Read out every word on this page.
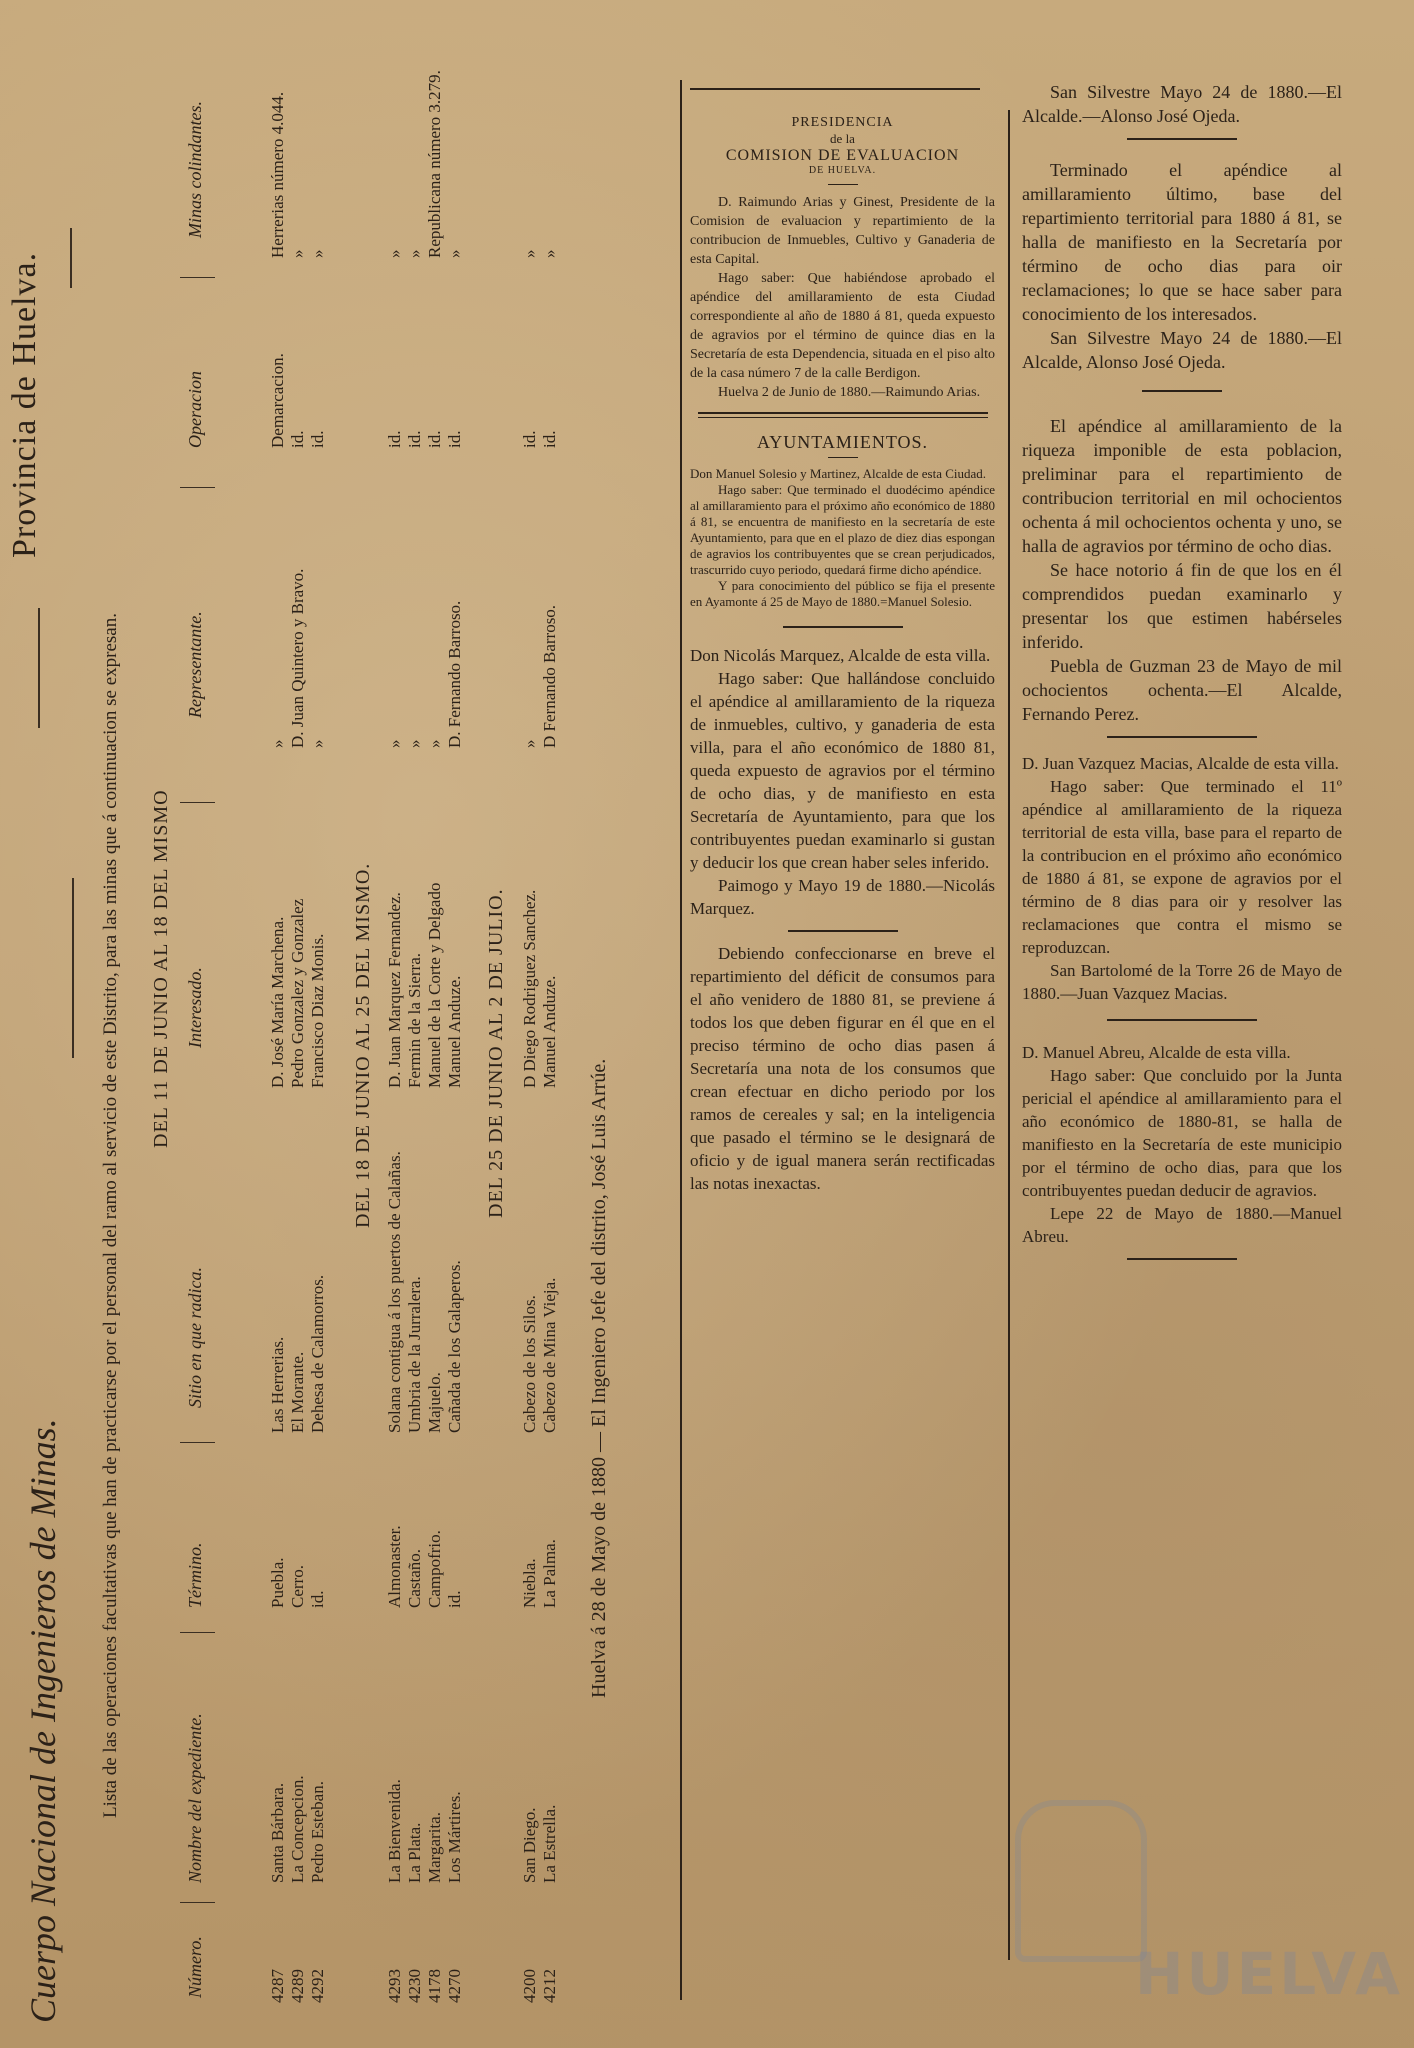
Cuerpo Nacional de Ingenieros de Minas.
Provincia de Huelva.
Lista de las operaciones facultativas que han de practicarse por el personal del ramo al servicio de este Distrito, para las minas que á continuacion se expresan.
Número.
Nombre del expediente.
Término.
Sitio en que radica.
Interesado.
Representante.
Operacion
Minas colindantes.
DEL 11 DE JUNIO AL 18 DEL MISMO
4287 4289 4292
Santa Bárbara. La Concepcion. Pedro Esteban.
Puebla. Cerro. id.
Las Herrerias. El Morante. Dehesa de Calamorros.
D. José María Marchena. Pedro Gonzalez y Gonzalez Francisco Diaz Monis.
» D. Juan Quintero y Bravo. »
Demarcacion. id. id.
Herrerias número 4.044. » »
DEL 18 DE JUNIO AL 25 DEL MISMO.
4293 4230 4178 4270
La Bienvenida. La Plata. Margarita. Los Mártires.
Almonaster. Castaño. Campofrio. id.
Solana contigua á los puertos de Calañas. Umbria de la Jurralera. Majuelo. Cañada de los Galaperos.
D. Juan Marquez Fernandez. Fermin de la Sierra. Manuel de la Corte y Delgado Manuel Anduze.
» » » D. Fernando Barroso.
id. id. id. id.
» » Republicana número 3.279. »
DEL 25 DE JUNIO AL 2 DE JULIO.
4200 4212
San Diego. La Estrella.
Niebla. La Palma.
Cabezo de los Silos. Cabezo de Mina Vieja.
D Diego Rodriguez Sanchez. Manuel Anduze.
» D Fernando Barroso.
id. id.
» »
Huelva á 28 de Mayo de 1880 — El Ingeniero Jefe del distrito, José Luis Arrúe.
PRESIDENCIA
de la
COMISION DE EVALUACION
DE HUELVA.

D. Raimundo Arias y Ginest, Presidente de la Comision de evaluacion y repartimiento de la contribucion de Inmuebles, Cultivo y Ganaderia de esta Capital.

Hago saber: Que habiéndose aprobado el apéndice del amillaramiento de esta Ciudad correspondiente al año de 1880 á 81, queda expuesto de agravios por el término de quince dias en la Secretaría de esta Dependencia, situada en el piso alto de la casa número 7 de la calle Berdigon.

Huelva 2 de Junio de 1880.—Raimundo Arias.

AYUNTAMIENTOS.

Don Manuel Solesio y Martinez, Alcalde de esta Ciudad.

Hago saber: Que terminado el duodécimo apéndice al amillaramiento para el próximo año económico de 1880 á 81, se encuentra de manifiesto en la secretaría de este Ayuntamiento, para que en el plazo de diez dias espongan de agravios los contribuyentes que se crean perjudicados, trascurrido cuyo periodo, quedará firme dicho apéndice.

Y para conocimiento del público se fija el presente en Ayamonte á 25 de Mayo de 1880.=Manuel Solesio.

Don Nicolás Marquez, Alcalde de esta villa.

Hago saber: Que hallándose concluido el apéndice al amillaramiento de la riqueza de inmuebles, cultivo, y ganaderia de esta villa, para el año económico de 1880 81, queda expuesto de agravios por el término de ocho dias, y de manifiesto en esta Secretaría de Ayuntamiento, para que los contribuyentes puedan examinarlo si gustan y deducir los que crean haber seles inferido.

Paimogo y Mayo 19 de 1880.—Nicolás Marquez.

Debiendo confeccionarse en breve el repartimiento del déficit de consumos para el año venidero de 1880 81, se previene á todos los que deben figurar en él que en el preciso término de ocho dias pasen á Secretaría una nota de los consumos que crean efectuar en dicho periodo por los ramos de cereales y sal; en la inteligencia que pasado el término se le designará de oficio y de igual manera serán rectificadas las notas inexactas.

San Silvestre Mayo 24 de 1880.—El Alcalde.—Alonso José Ojeda.

Terminado el apéndice al amillaramiento último, base del repartimiento territorial para 1880 á 81, se halla de manifiesto en la Secretaría por término de ocho dias para oir reclamaciones; lo que se hace saber para conocimiento de los interesados.

San Silvestre Mayo 24 de 1880.—El Alcalde, Alonso José Ojeda.

El apéndice al amillaramiento de la riqueza imponible de esta poblacion, preliminar para el repartimiento de contribucion territorial en mil ochocientos ochenta á mil ochocientos ochenta y uno, se halla de agravios por término de ocho dias.

Se hace notorio á fin de que los en él comprendidos puedan examinarlo y presentar los que estimen habérseles inferido.

Puebla de Guzman 23 de Mayo de mil ochocientos ochenta.—El Alcalde, Fernando Perez.

D. Juan Vazquez Macias, Alcalde de esta villa.

Hago saber: Que terminado el 11º apéndice al amillaramiento de la riqueza territorial de esta villa, base para el reparto de la contribucion en el próximo año económico de 1880 á 81, se expone de agravios por el término de 8 dias para oir y resolver las reclamaciones que contra el mismo se reproduzcan.

San Bartolomé de la Torre 26 de Mayo de 1880.—Juan Vazquez Macias.

D. Manuel Abreu, Alcalde de esta villa.

Hago saber: Que concluido por la Junta pericial el apéndice al amillaramiento para el año económico de 1880-81, se halla de manifiesto en la Secretaría de este municipio por el término de ocho dias, para que los contribuyentes puedan deducir de agravios.

Lepe 22 de Mayo de 1880.—Manuel Abreu.

HUELVA
